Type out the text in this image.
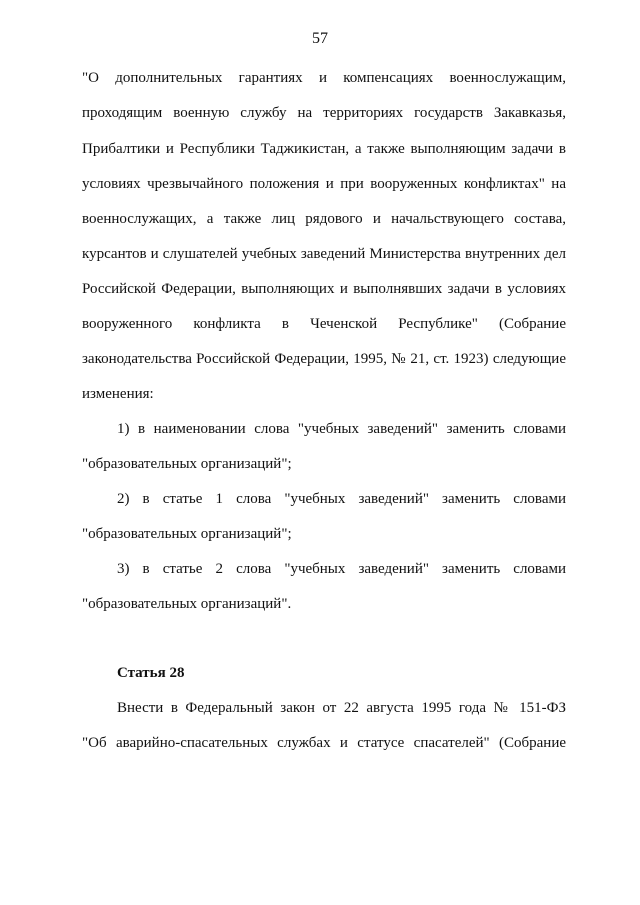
57
"О дополнительных гарантиях и компенсациях военнослужащим,
проходящим военную службу на территориях государств Закавказья,
Прибалтики и Республики Таджикистан, а также выполняющим задачи в
условиях чрезвычайного положения и при вооруженных конфликтах" на
военнослужащих, а также лиц рядового и начальствующего состава,
курсантов и слушателей учебных заведений Министерства внутренних дел
Российской Федерации, выполняющих и выполнявших задачи в условиях
вооруженного конфликта в Чеченской Республике" (Собрание
законодательства Российской Федерации, 1995, № 21, ст. 1923) следующие
изменения:
1) в наименовании слова "учебных заведений" заменить словами
"образовательных организаций";
2) в статье 1 слова "учебных заведений" заменить словами
"образовательных организаций";
3) в статье 2 слова "учебных заведений" заменить словами
"образовательных организаций".
Статья 28
Внести в Федеральный закон от 22 августа 1995 года № 151-ФЗ
"Об аварийно-спасательных службах и статусе спасателей" (Собрание
